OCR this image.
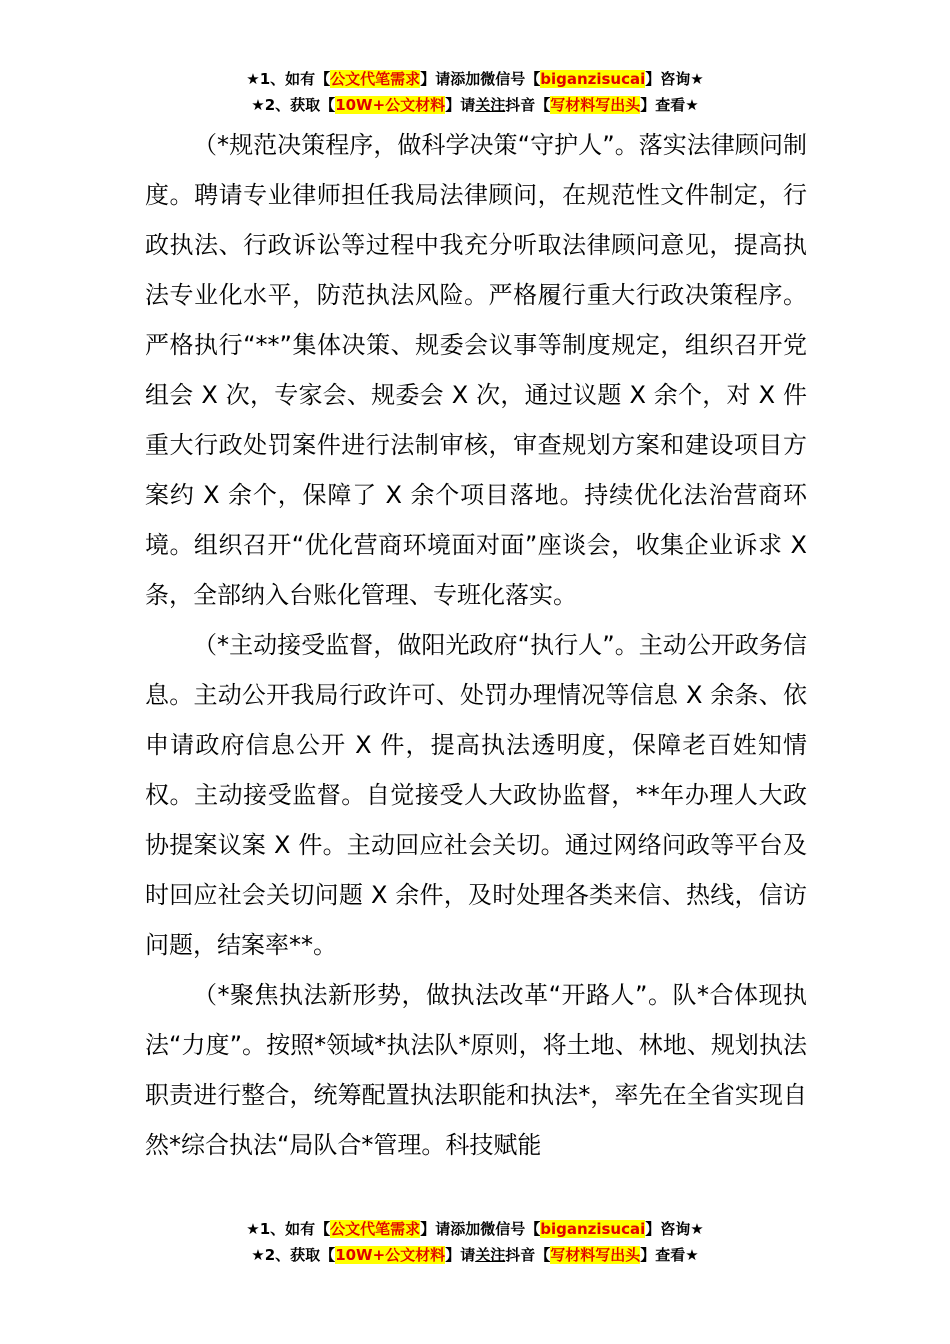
★1、如有【公文代笔需求】请添加微信号【biganzisucai】咨询★
★2、获取【10W+公文材料】请关注抖音【写材料写出头】查看★

（*规范决策程序，做科学决策“守护人”。落实法律顾问制度。聘请专业律师担任我局法律顾问，在规范性文件制定，行政执法、行政诉讼等过程中我充分听取法律顾问意见，提高执法专业化水平，防范执法风险。严格履行重大行政决策程序。严格执行“**”集体决策、规委会议事等制度规定，组织召开党组会 X 次，专家会、规委会 X 次，通过议题 X 余个，对 X 件重大行政处罚案件进行法制审核，审查规划方案和建设项目方案约 X 余个，保障了 X 余个项目落地。持续优化法治营商环境。组织召开“优化营商环境面对面”座谈会，收集企业诉求 X 条，全部纳入台账化管理、专班化落实。

（*主动接受监督，做阳光政府“执行人”。主动公开政务信息。主动公开我局行政许可、处罚办理情况等信息 X 余条、依申请政府信息公开 X 件，提高执法透明度，保障老百姓知情权。主动接受监督。自觉接受人大政协监督，**年办理人大政协提案议案 X 件。主动回应社会关切。通过网络问政等平台及时回应社会关切问题 X 余件，及时处理各类来信、热线，信访问题，结案率**。

（*聚焦执法新形势，做执法改革“开路人”。队*合体现执法“力度”。按照*领域*执法队*原则，将土地、林地、规划执法职责进行整合，统筹配置执法职能和执法*，率先在全省实现自然*综合执法“局队合*管理。科技赋能

★1、如有【公文代笔需求】请添加微信号【biganzisucai】咨询★
★2、获取【10W+公文材料】请关注抖音【写材料写出头】查看★
